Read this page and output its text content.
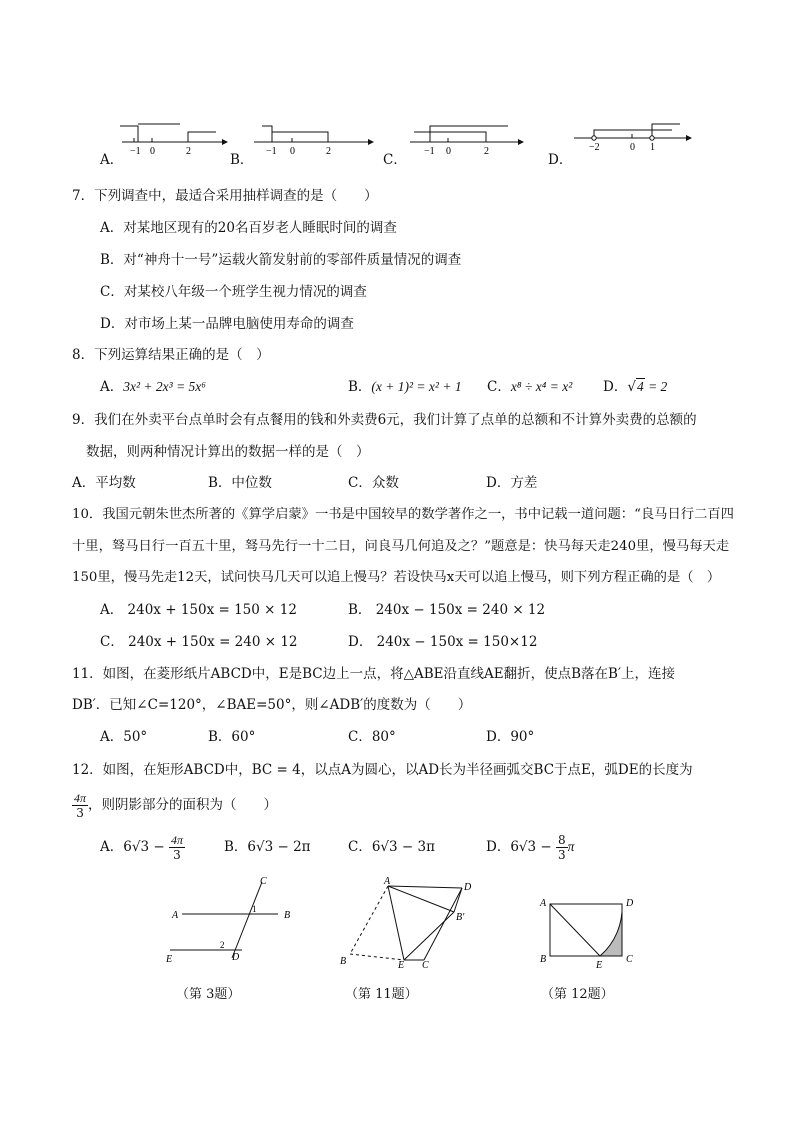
−1 0	2	−1 0	2	−1 0	2	−2	0 1
A．	B．	C．	D．
7．下列调查中，最适合采用抽样调查的是（　　）
A．对某地区现有的20名百岁老人睡眠时间的调查
B．对“神舟十一号”运载火箭发射前的零部件质量情况的调查
C．对某校八年级一个班学生视力情况的调查
D．对市场上某一品牌电脑使用寿命的调查
8．下列运算结果正确的是（　）
A．3x² + 2x³ = 5x⁶	B．(x + 1)² = x² + 1 C．x⁸ ÷ x⁴ = x² D．√4 = 2
9．我们在外卖平台点单时会有点餐用的钱和外卖费6元，我们计算了点单的总额和不计算外卖费的总额的
数据，则两种情况计算出的数据一样的是（　）
A．平均数	B．中位数	C．众数	D．方差
10．我国元朝朱世杰所著的《算学启蒙》一书是中国较早的数学著作之一，书中记载一道问题：“良马日行二百四
十里，驽马日行一百五十里，驽马先行一十二日，问良马几何追及之？”题意是：快马每天走240里，慢马每天走
150里，慢马先走12天，试问快马几天可以追上慢马？若设快马x天可以追上慢马，则下列方程正确的是（　）
A． 240x + 150x = 150 × 12	B． 240x − 150x = 240 × 12
C． 240x + 150x = 240 × 12	D． 240x − 150x = 150×12
11．如图，在菱形纸片ABCD中，E是BC边上一点，将△ABE沿直线AE翻折，使点B落在B′上，连接
DB′．已知∠C=120°，∠BAE=50°，则∠ADB′的度数为（　　）
A．50°	B．60°	C．80°	D．90°
12．如图，在矩形ABCD中，BC = 4，以点A为圆心，以AD长为半径画弧交BC于点E，弧DE的长度为
$\frac{4\pi}{3}$ ，则阴影部分的面积为（　　）
A．$6√3 - \frac{4\pi}{3}$	B．6√3 − 2π	C．6√3 − 3π	D．$6√3 - \frac{8}{3}$ π
A	B
C
D
E
1
2
（第 3题）
A
B	C
D
E
B′
（第 11题）
A
B	C
D
E
（第 12题）
